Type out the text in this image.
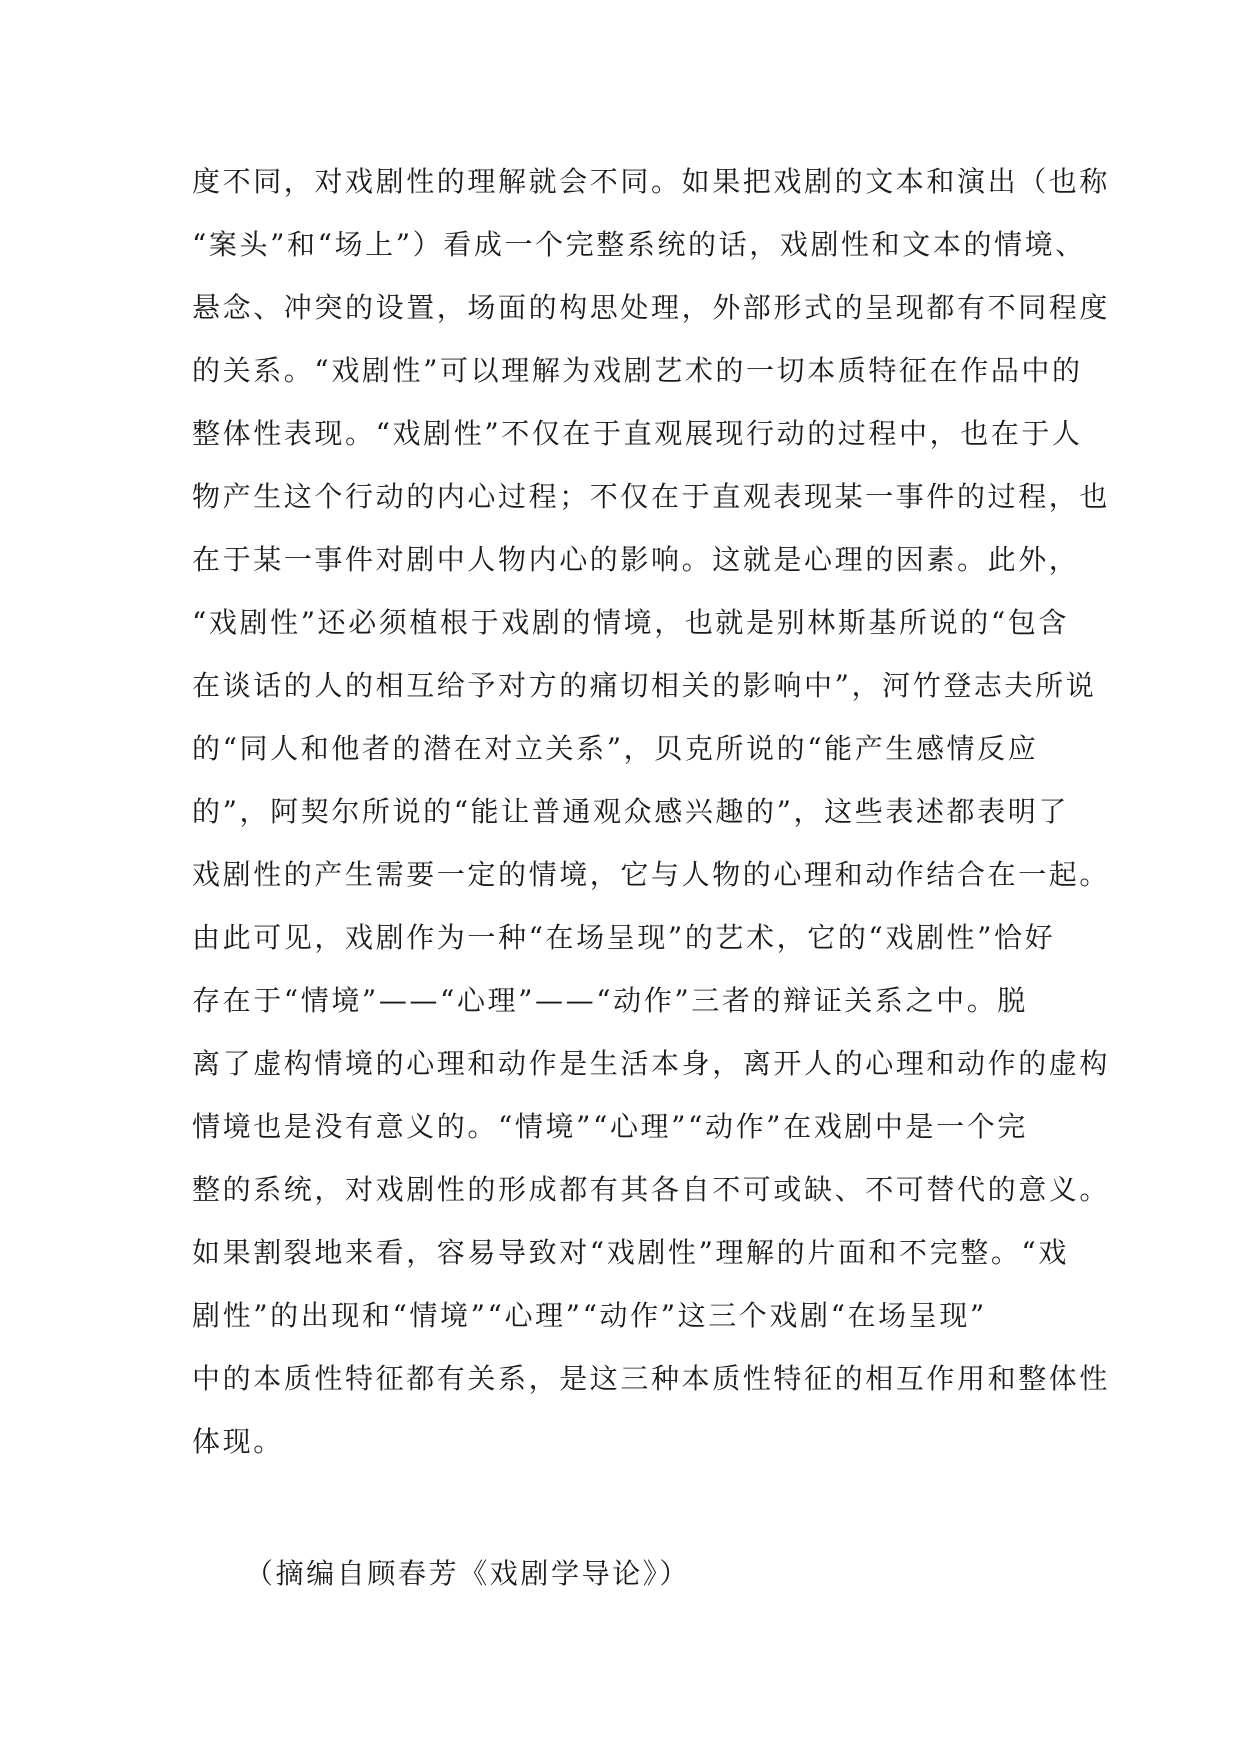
度不同，对戏剧性的理解就会不同。如果把戏剧的文本和演出（也称
“案头”和“场上”）看成一个完整系统的话，戏剧性和文本的情境、
悬念、冲突的设置，场面的构思处理，外部形式的呈现都有不同程度
的关系。“戏剧性”可以理解为戏剧艺术的一切本质特征在作品中的
整体性表现。“戏剧性”不仅在于直观展现行动的过程中，也在于人
物产生这个行动的内心过程；不仅在于直观表现某一事件的过程，也
在于某一事件对剧中人物内心的影响。这就是心理的因素。此外，
“戏剧性”还必须植根于戏剧的情境，也就是别林斯基所说的“包含
在谈话的人的相互给予对方的痛切相关的影响中”，河竹登志夫所说
的“同人和他者的潜在对立关系”，贝克所说的“能产生感情反应
的”，阿契尔所说的“能让普通观众感兴趣的”，这些表述都表明了
戏剧性的产生需要一定的情境，它与人物的心理和动作结合在一起。
由此可见，戏剧作为一种“在场呈现”的艺术，它的“戏剧性”恰好
存在于“情境”——“心理”——“动作”三者的辩证关系之中。脱
离了虚构情境的心理和动作是生活本身，离开人的心理和动作的虚构
情境也是没有意义的。“情境”“心理”“动作”在戏剧中是一个完
整的系统，对戏剧性的形成都有其各自不可或缺、不可替代的意义。
如果割裂地来看，容易导致对“戏剧性”理解的片面和不完整。“戏
剧性”的出现和“情境”“心理”“动作”这三个戏剧“在场呈现”
中的本质性特征都有关系，是这三种本质性特征的相互作用和整体性
体现。
（摘编自顾春芳《戏剧学导论》）
